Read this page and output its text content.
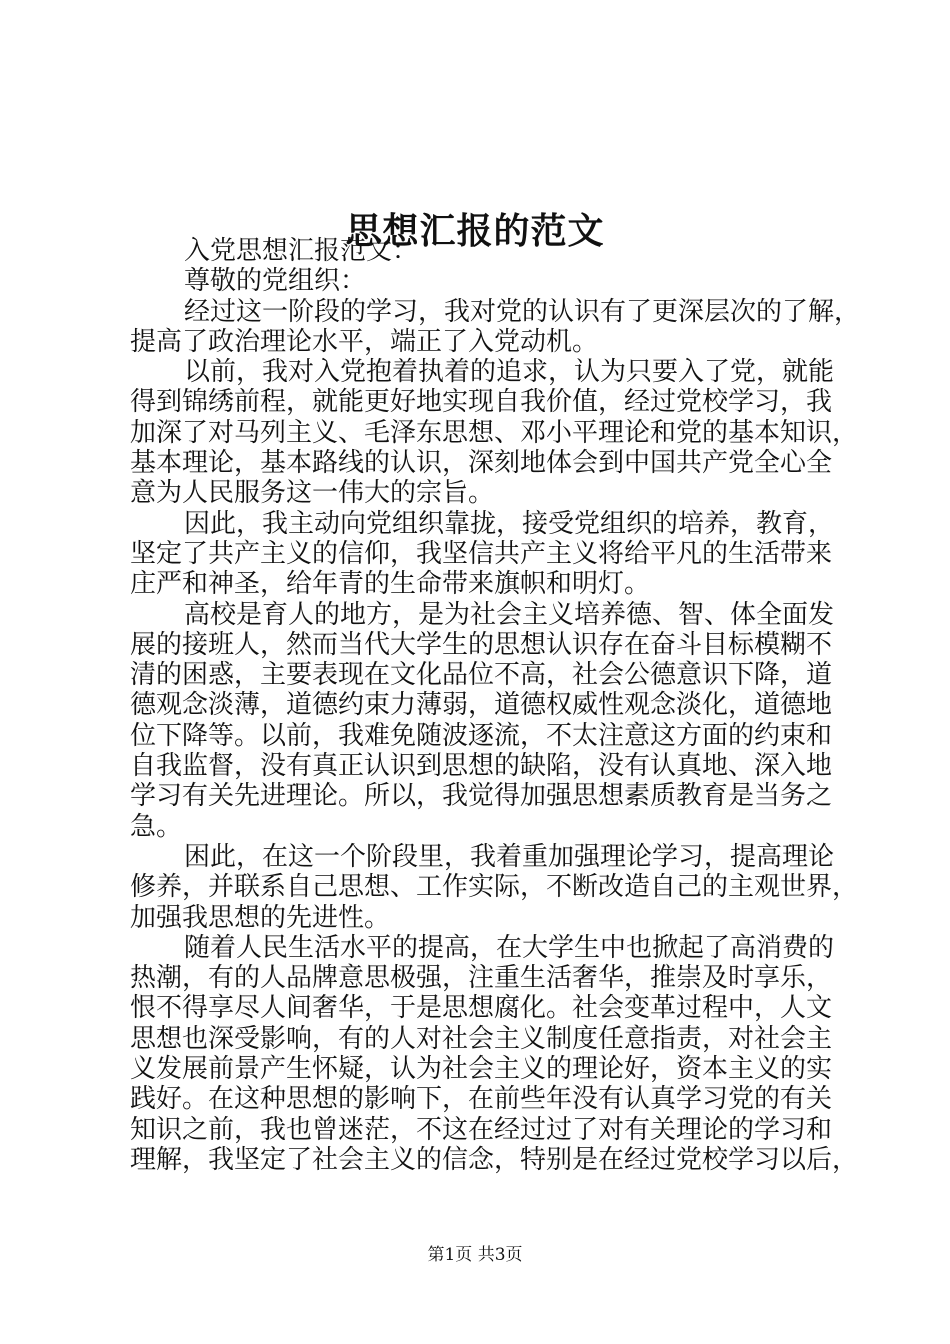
思想汇报的范文
入党思想汇报范文：
尊敬的党组织：
经过这一阶段的学习，我对党的认识有了更深层次的了解，
提高了政治理论水平，端正了入党动机。
以前，我对入党抱着执着的追求，认为只要入了党，就能
得到锦绣前程，就能更好地实现自我价值，经过党校学习，我
加深了对马列主义、毛泽东思想、邓小平理论和党的基本知识，
基本理论，基本路线的认识，深刻地体会到中国共产党全心全
意为人民服务这一伟大的宗旨。
因此，我主动向党组织靠拢，接受党组织的培养，教育，
坚定了共产主义的信仰，我坚信共产主义将给平凡的生活带来
庄严和神圣，给年青的生命带来旗帜和明灯。
高校是育人的地方，是为社会主义培养德、智、体全面发
展的接班人，然而当代大学生的思想认识存在奋斗目标模糊不
清的困惑，主要表现在文化品位不高，社会公德意识下降，道
德观念淡薄，道德约束力薄弱，道德权威性观念淡化，道德地
位下降等。以前，我难免随波逐流，不太注意这方面的约束和
自我监督，没有真正认识到思想的缺陷，没有认真地、深入地
学习有关先进理论。所以，我觉得加强思想素质教育是当务之
急。
困此，在这一个阶段里，我着重加强理论学习，提高理论
修养，并联系自己思想、工作实际，不断改造自己的主观世界，
加强我思想的先进性。
随着人民生活水平的提高，在大学生中也掀起了高消费的
热潮，有的人品牌意思极强，注重生活奢华，推崇及时享乐，
恨不得享尽人间奢华，于是思想腐化。社会变革过程中，人文
思想也深受影响，有的人对社会主义制度任意指责，对社会主
义发展前景产生怀疑，认为社会主义的理论好，资本主义的实
践好。在这种思想的影响下，在前些年没有认真学习党的有关
知识之前，我也曾迷茫，不这在经过过了对有关理论的学习和
理解，我坚定了社会主义的信念，特别是在经过党校学习以后，
第1页 共3页
